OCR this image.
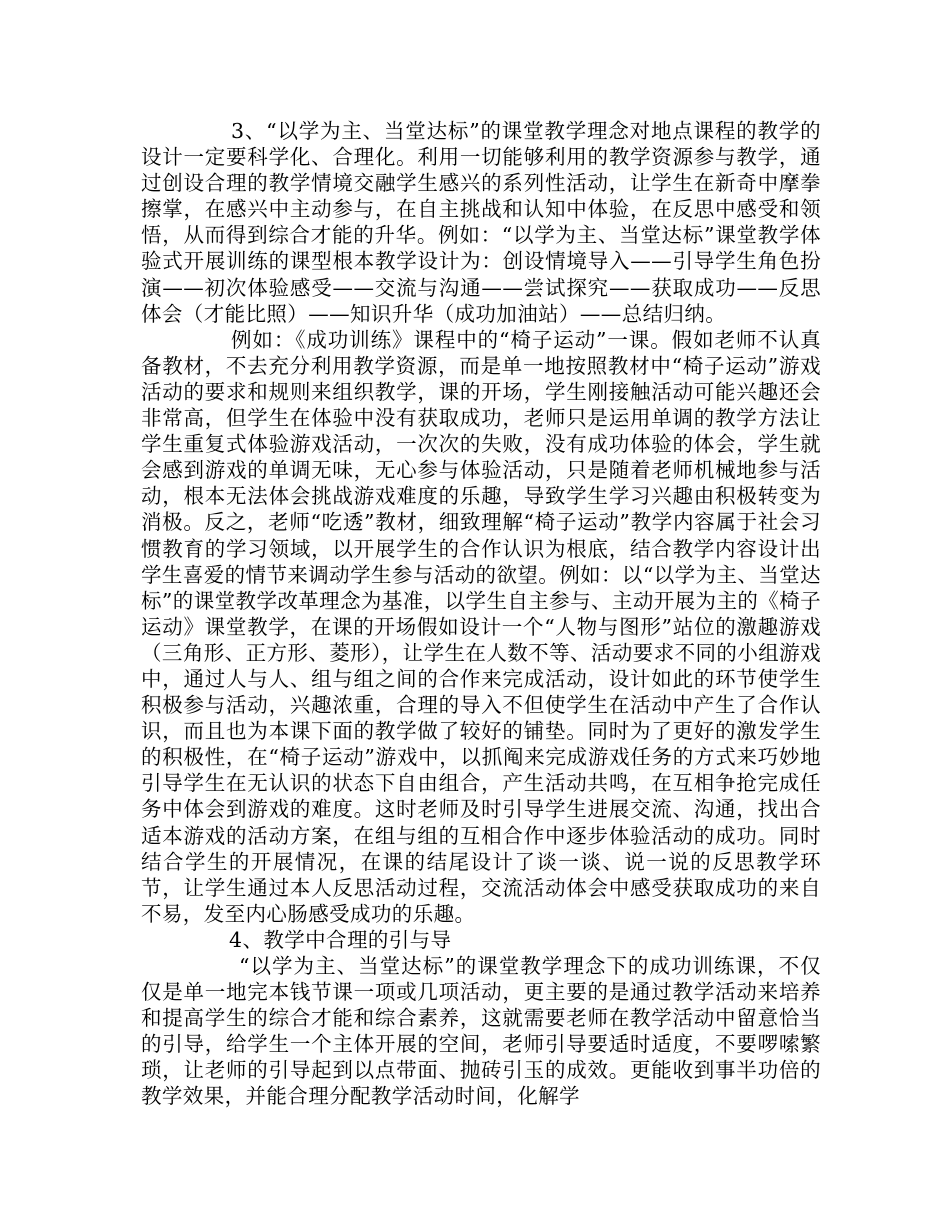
3、“以学为主、当堂达标”的课堂教学理念对地点课程的教学的设计一定要科学化、合理化。利用一切能够利用的教学资源参与教学，通过创设合理的教学情境交融学生感兴的系列性活动，让学生在新奇中摩拳擦掌，在感兴中主动参与，在自主挑战和认知中体验，在反思中感受和领悟，从而得到综合才能的升华。例如：“以学为主、当堂达标”课堂教学体验式开展训练的课型根本教学设计为：创设情境导入——引导学生角色扮演——初次体验感受——交流与沟通——尝试探究——获取成功——反思体会（才能比照）——知识升华（成功加油站）——总结归纳。

例如：《成功训练》课程中的“椅子运动”一课。假如老师不认真备教材，不去充分利用教学资源，而是单一地按照教材中“椅子运动”游戏活动的要求和规则来组织教学，课的开场，学生刚接触活动可能兴趣还会非常高，但学生在体验中没有获取成功，老师只是运用单调的教学方法让学生重复式体验游戏活动，一次次的失败，没有成功体验的体会，学生就会感到游戏的单调无味，无心参与体验活动，只是随着老师机械地参与活动，根本无法体会挑战游戏难度的乐趣，导致学生学习兴趣由积极转变为消极。反之，老师“吃透”教材，细致理解“椅子运动”教学内容属于社会习惯教育的学习领域，以开展学生的合作认识为根底，结合教学内容设计出学生喜爱的情节来调动学生参与活动的欲望。例如：以“以学为主、当堂达标”的课堂教学改革理念为基准，以学生自主参与、主动开展为主的《椅子运动》课堂教学，在课的开场假如设计一个“人物与图形”站位的激趣游戏（三角形、正方形、菱形），让学生在人数不等、活动要求不同的小组游戏中，通过人与人、组与组之间的合作来完成活动，设计如此的环节使学生积极参与活动，兴趣浓重，合理的导入不但使学生在活动中产生了合作认识，而且也为本课下面的教学做了较好的铺垫。同时为了更好的激发学生的积极性，在“椅子运动”游戏中，以抓阄来完成游戏任务的方式来巧妙地引导学生在无认识的状态下自由组合，产生活动共鸣，在互相争抢完成任务中体会到游戏的难度。这时老师及时引导学生进展交流、沟通，找出合适本游戏的活动方案，在组与组的互相合作中逐步体验活动的成功。同时结合学生的开展情况，在课的结尾设计了谈一谈、说一说的反思教学环节，让学生通过本人反思活动过程，交流活动体会中感受获取成功的来自不易，发至内心肠感受成功的乐趣。

4、教学中合理的引与导

“以学为主、当堂达标”的课堂教学理念下的成功训练课，不仅仅是单一地完本钱节课一项或几项活动，更主要的是通过教学活动来培养和提高学生的综合才能和综合素养，这就需要老师在教学活动中留意恰当的引导，给学生一个主体开展的空间，老师引导要适时适度，不要啰嗦繁琐，让老师的引导起到以点带面、抛砖引玉的成效。更能收到事半功倍的教学效果，并能合理分配教学活动时间，化解学
